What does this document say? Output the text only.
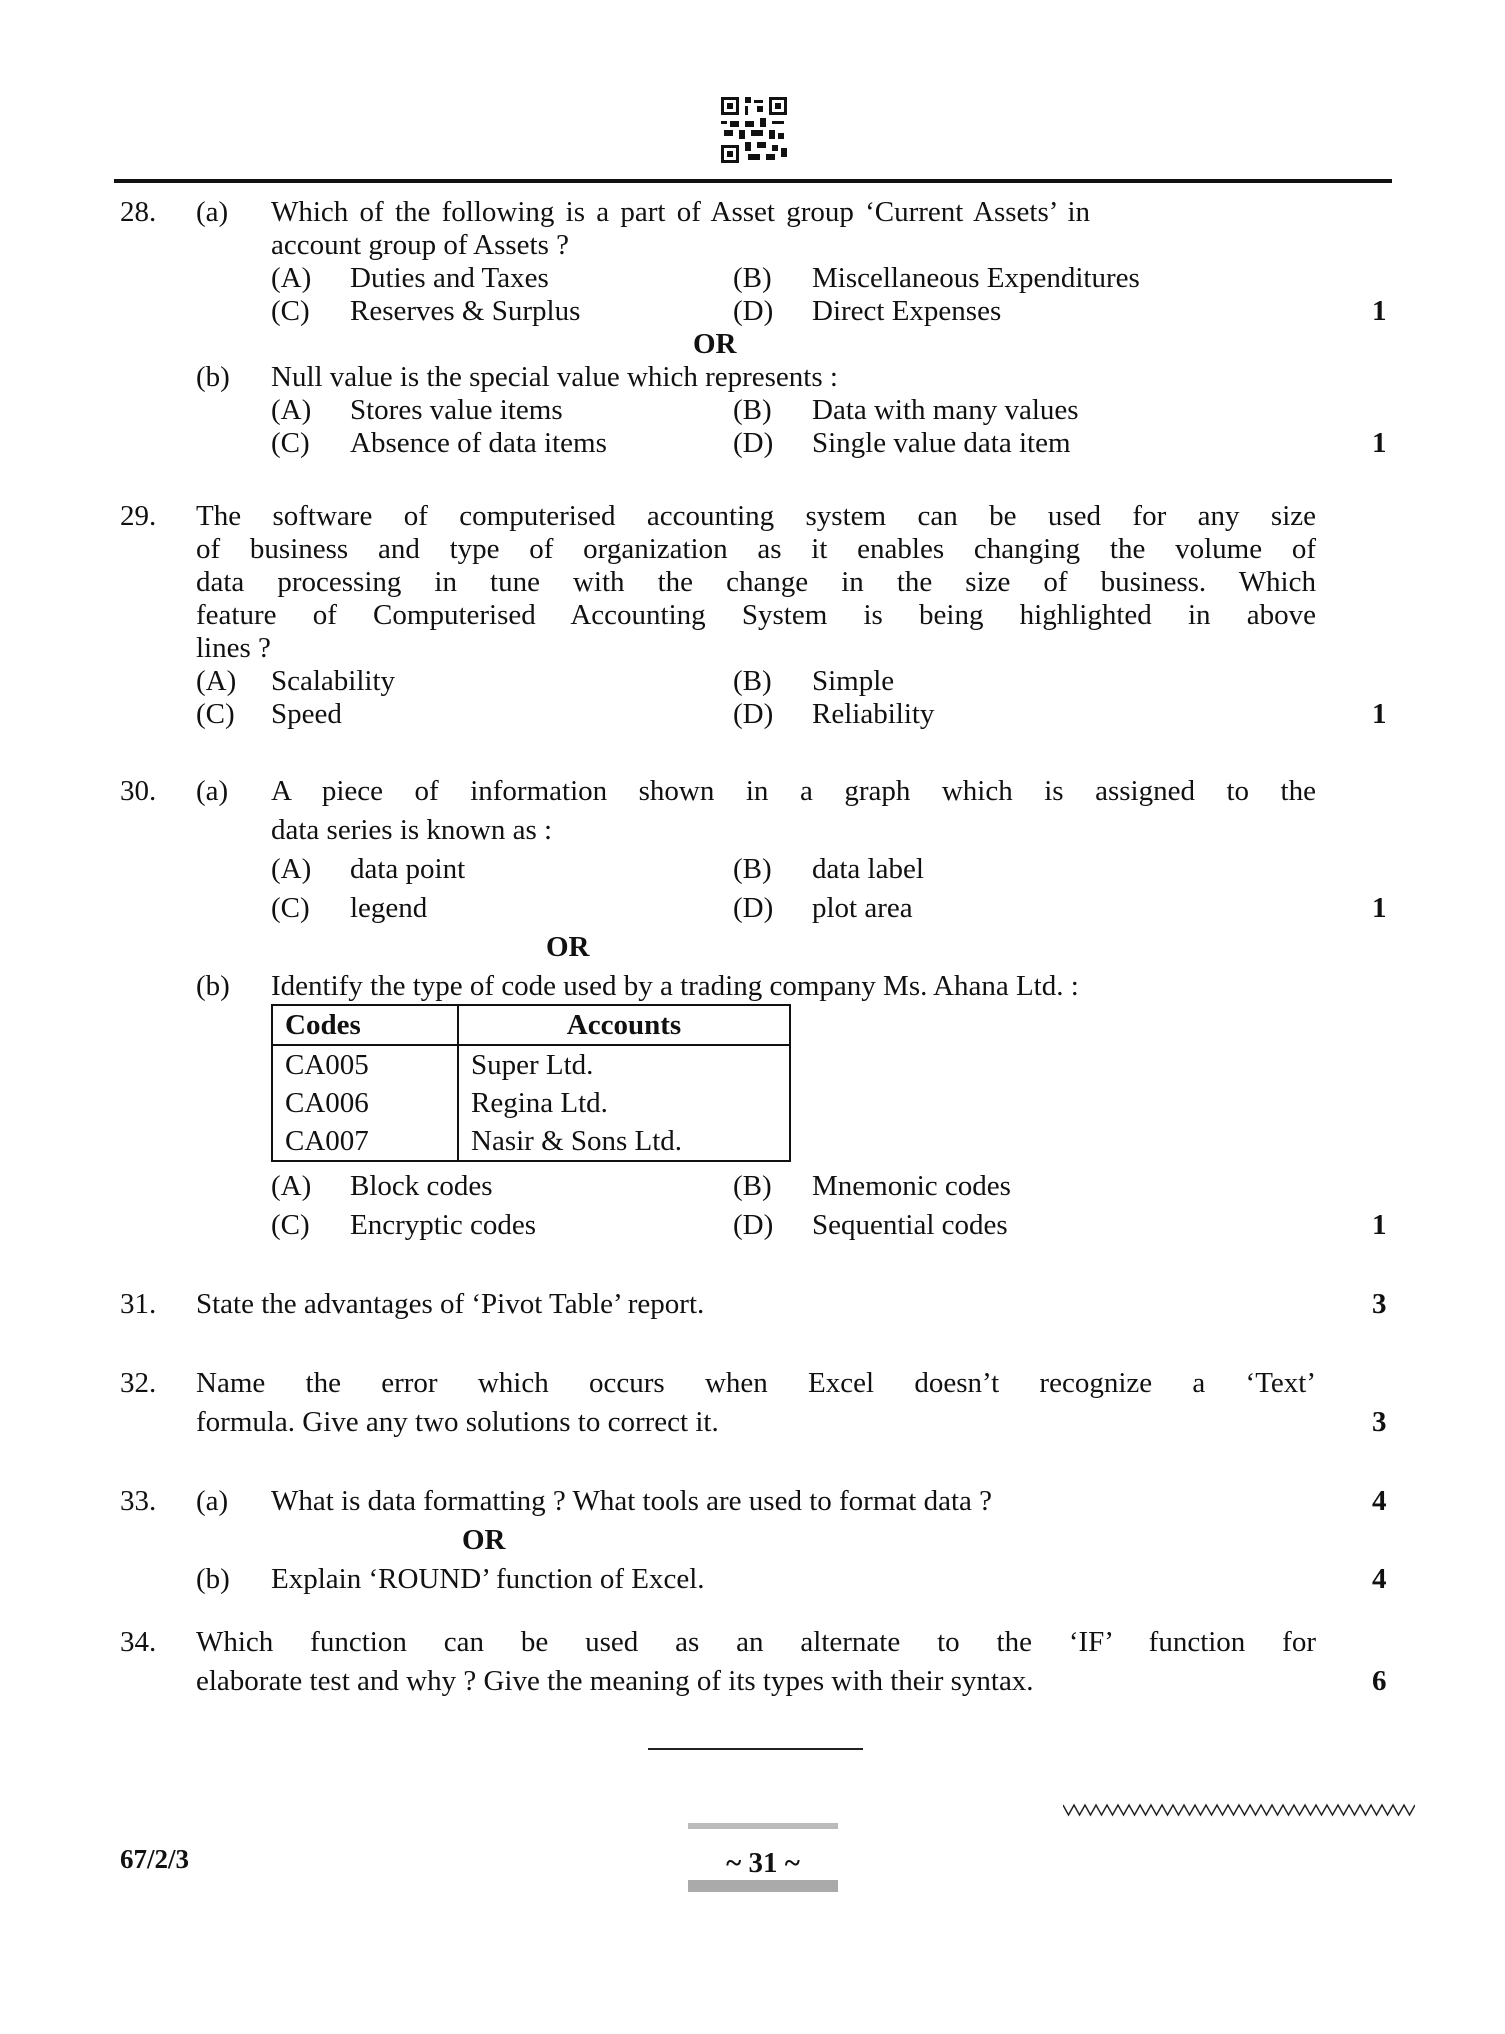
28. (a) Which of the following is a part of Asset group ‘Current Assets’ in
account group of Assets ?
(A) Duties and Taxes	(B) Miscellaneous Expenditures
(C) Reserves & Surplus	(D) Direct Expenses	1
OR
(b) Null value is the special value which represents :
(A) Stores value items	(B) Data with many values
(C) Absence of data items	(D) Single value data item	1
29. The software of computerised accounting system can be used for any size
of business and type of organization as it enables changing the volume of
data processing in tune with the change in the size of business. Which
feature of Computerised Accounting System is being highlighted in above
lines ?
(A) Scalability	(B) Simple
(C) Speed	(D) Reliability	1
30. (a) A piece of information shown in a graph which is assigned to the
data series is known as :
(A) data point	(B) data label
(C) legend	(D) plot area	1
OR
(b) Identify the type of code used by a trading company Ms. Ahana Ltd. :
Codes	Accounts
CA005	Super Ltd.
CA006	Regina Ltd.
CA007	Nasir & Sons Ltd.
(A) Block codes	(B) Mnemonic codes
(C) Encryptic codes	(D) Sequential codes	1
31. State the advantages of ‘Pivot Table’ report.	3
32. Name the error which occurs when Excel doesn’t recognize a ‘Text’
formula. Give any two solutions to correct it.	3
33. (a) What is data formatting ? What tools are used to format data ?	4
OR
(b) Explain ‘ROUND’ function of Excel.	4
34. Which function can be used as an alternate to the ‘IF’ function for
elaborate test and why ? Give the meaning of its types with their syntax.	6
67/2/3	~ 31 ~
